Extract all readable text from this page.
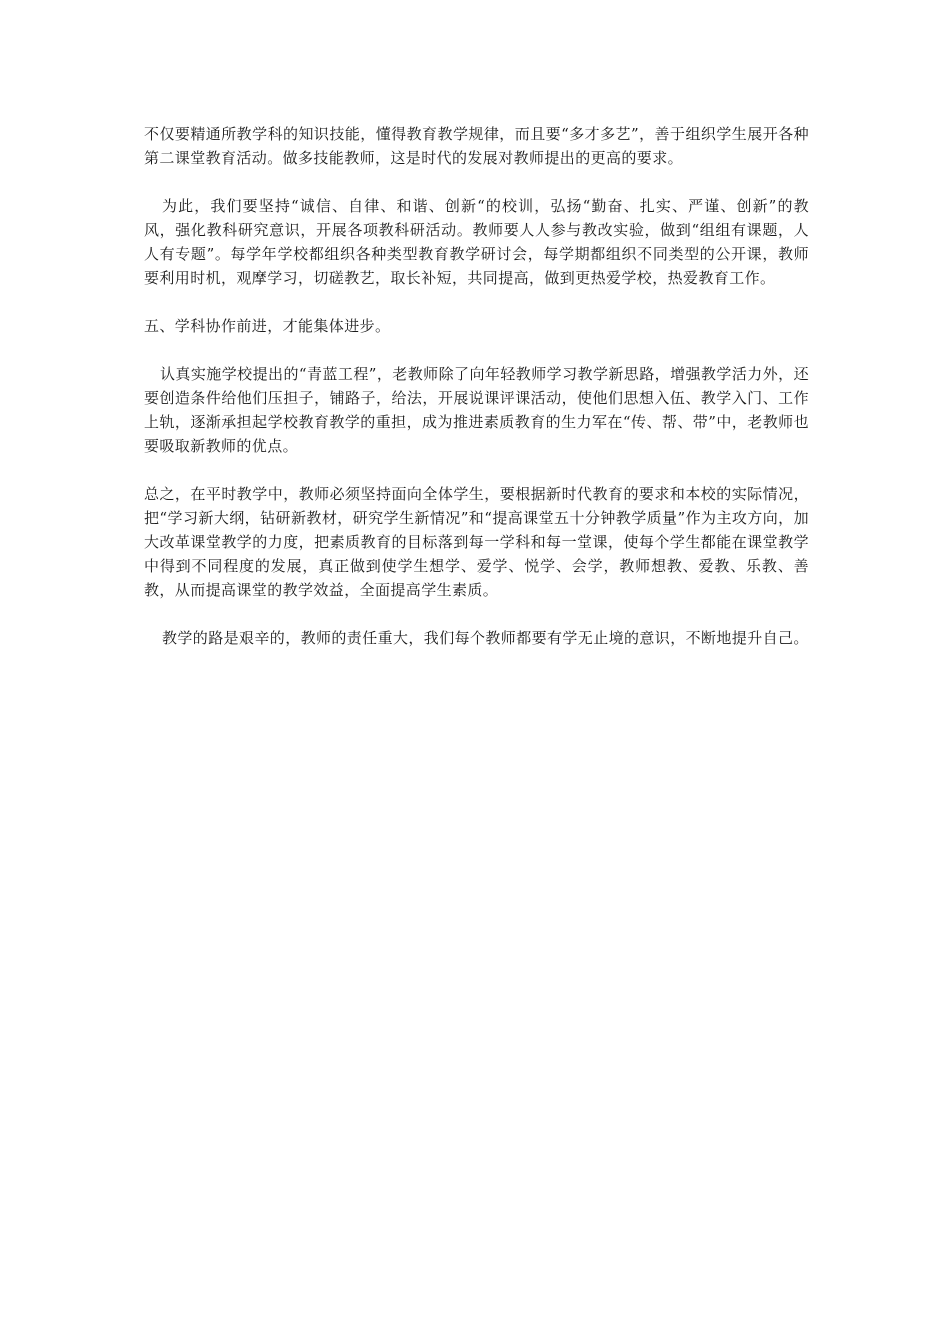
不仅要精通所教学科的知识技能，懂得教育教学规律，而且要“多才多艺”，善于组织学生展开各种第二课堂教育活动。做多技能教师，这是时代的发展对教师提出的更高的要求。

为此，我们要坚持“诚信、自律、和谐、创新“的校训，弘扬“勤奋、扎实、严谨、创新”的教风，强化教科研究意识，开展各项教科研活动。教师要人人参与教改实验，做到“组组有课题，人人有专题”。每学年学校都组织各种类型教育教学研讨会，每学期都组织不同类型的公开课，教师要利用时机，观摩学习，切磋教艺，取长补短，共同提高，做到更热爱学校，热爱教育工作。

五、学科协作前进，才能集体进步。

认真实施学校提出的“青蓝工程”，老教师除了向年轻教师学习教学新思路，增强教学活力外，还要创造条件给他们压担子，铺路子，给法，开展说课评课活动，使他们思想入伍、教学入门、工作上轨，逐渐承担起学校教育教学的重担，成为推进素质教育的生力军在“传、帮、带”中，老教师也要吸取新教师的优点。

总之，在平时教学中，教师必须坚持面向全体学生，要根据新时代教育的要求和本校的实际情况，把“学习新大纲，钻研新教材，研究学生新情况”和“提高课堂五十分钟教学质量”作为主攻方向，加大改革课堂教学的力度，把素质教育的目标落到每一学科和每一堂课，使每个学生都能在课堂教学中得到不同程度的发展，真正做到使学生想学、爱学、悦学、会学，教师想教、爱教、乐教、善教，从而提高课堂的教学效益，全面提高学生素质。

教学的路是艰辛的，教师的责任重大，我们每个教师都要有学无止境的意识，不断地提升自己。
